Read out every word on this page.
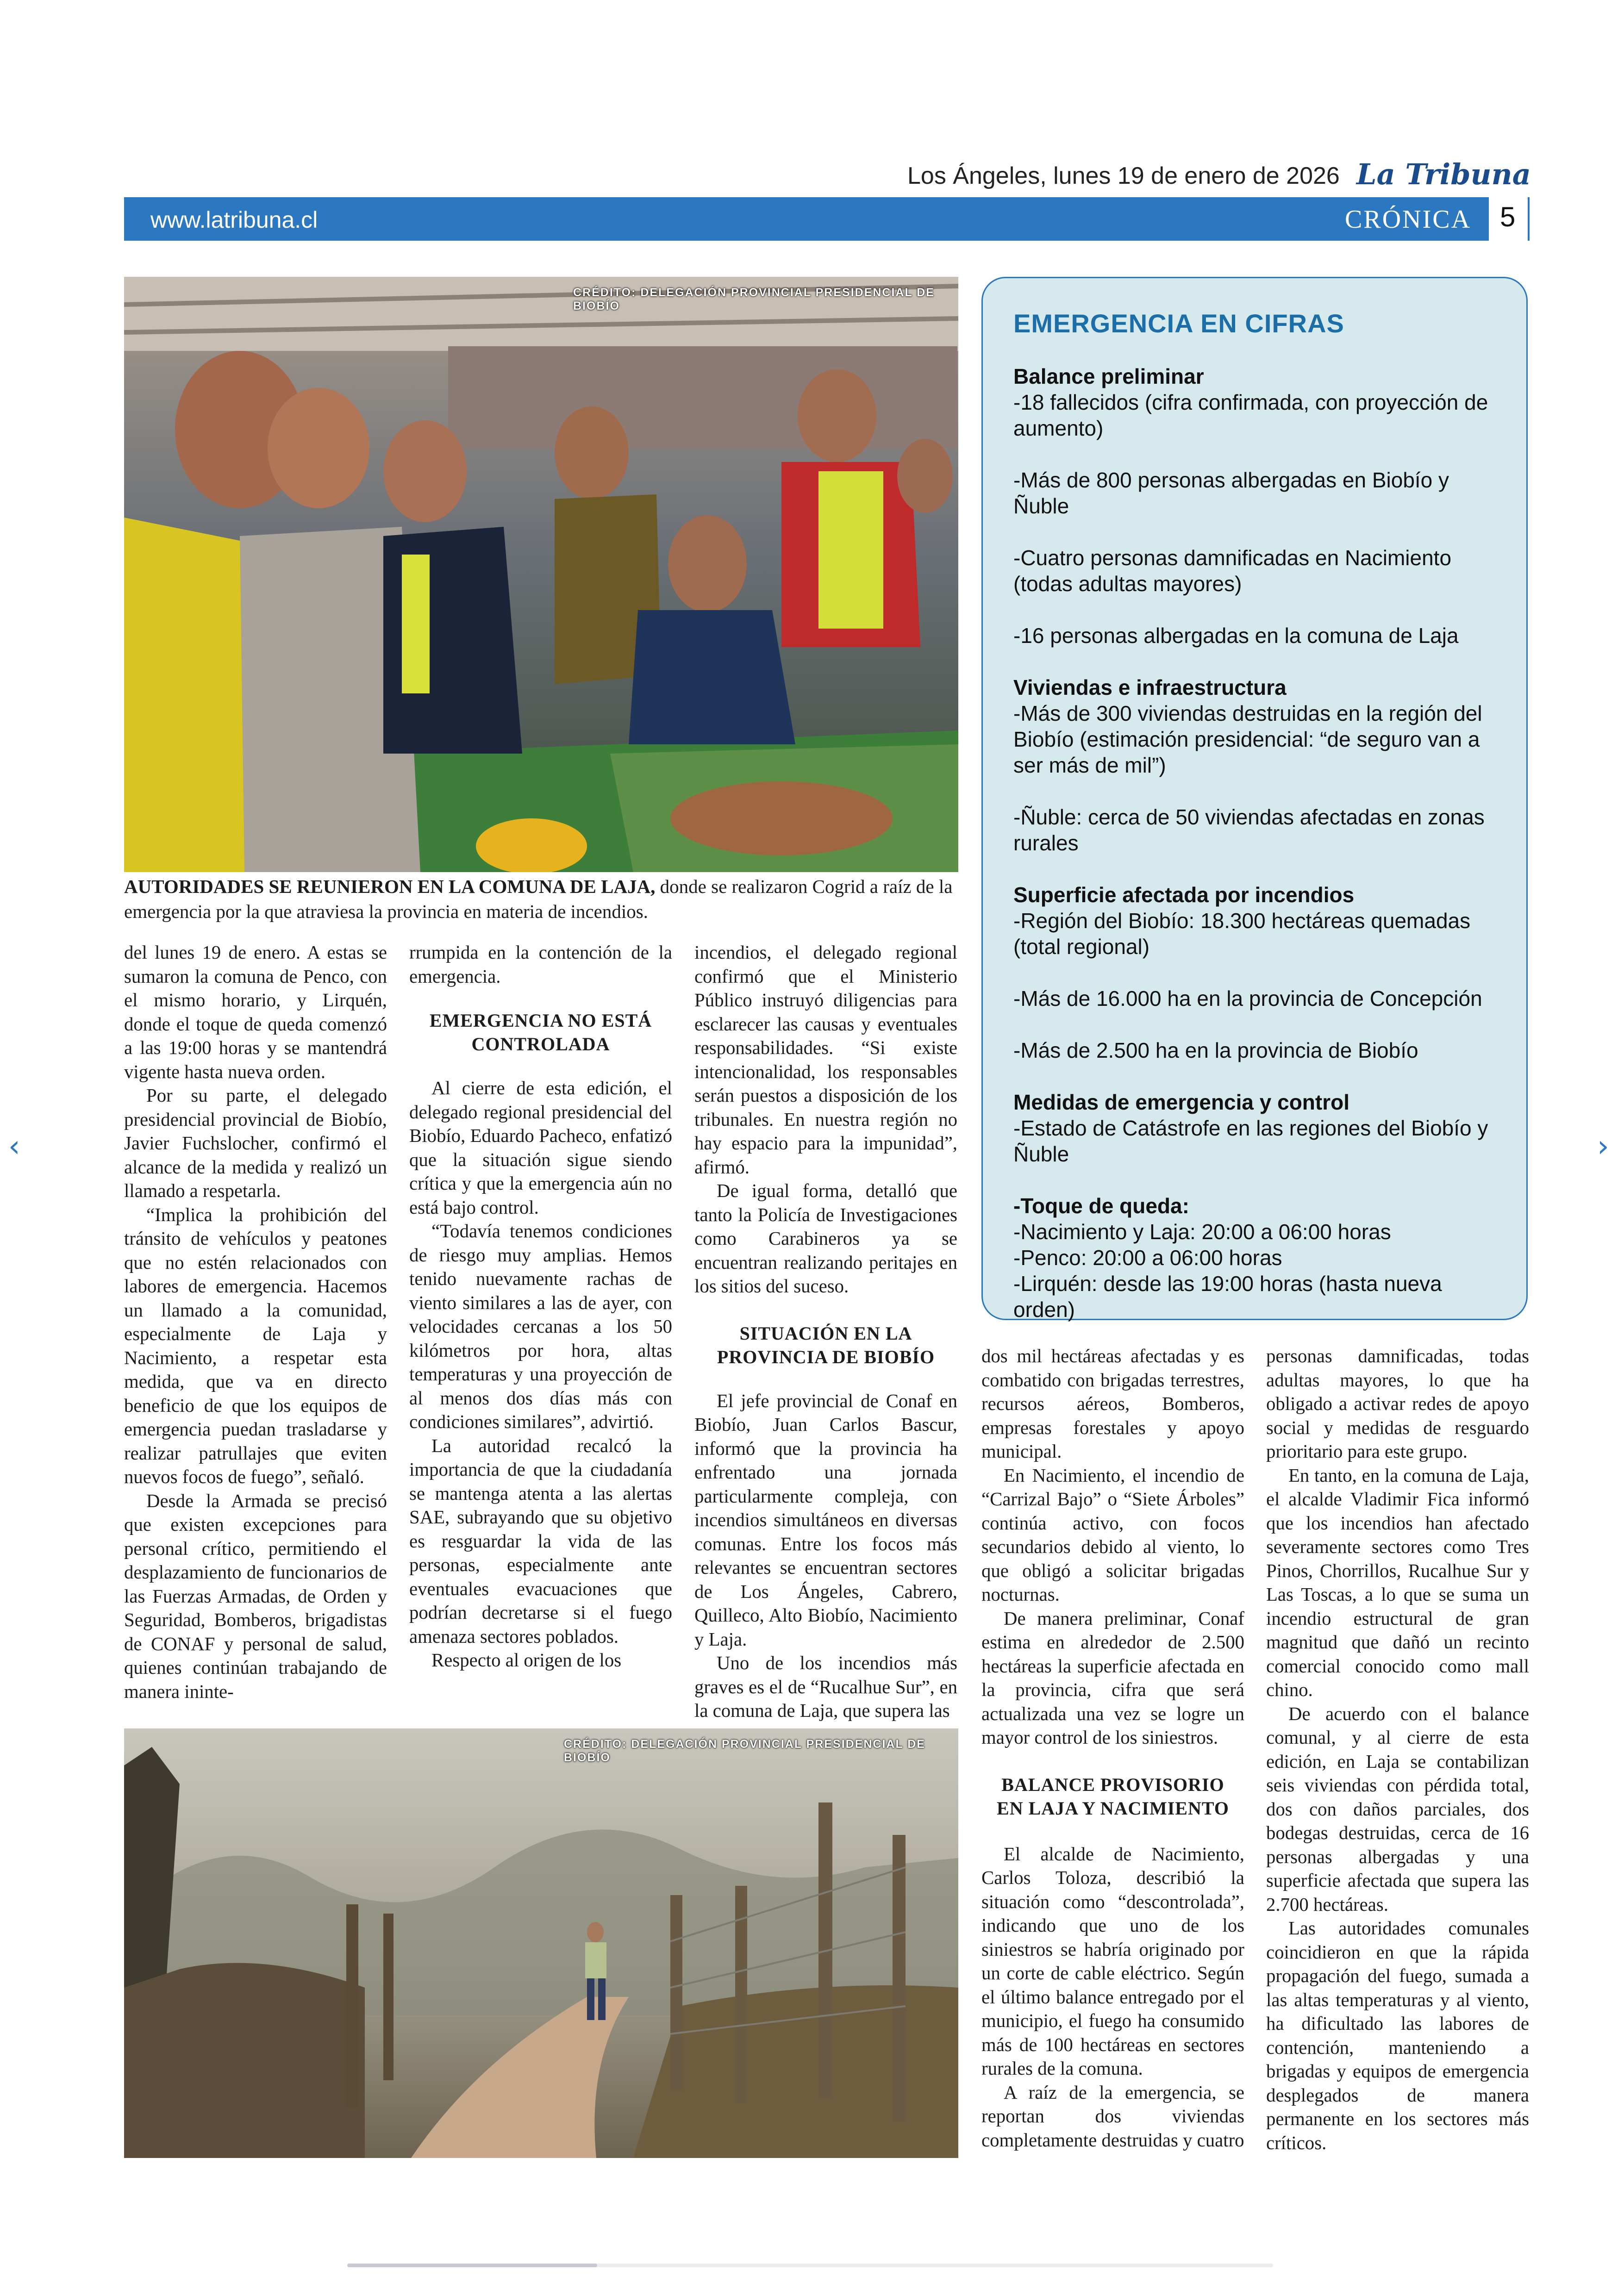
Los Ángeles, lunes 19 de enero de 2026 La Tribuna
www.latribuna.cl	CRÓNICA 5
CRÉDITO: DELEGACIÓN PROVINCIAL PRESIDENCIAL DE BIOBÍO
AUTORIDADES SE REUNIERON EN LA COMUNA DE LAJA, donde se realizaron Cogrid a raíz de la emergencia por la que atraviesa la provincia en materia de incendios.

del lunes 19 de enero. A estas se sumaron la comuna de Penco, con el mismo horario, y Lirquén, donde el toque de queda comenzó a las 19:00 horas y se mantendrá vigente hasta nueva orden.

Por su parte, el delegado presidencial provincial de Biobío, Javier Fuchslocher, confirmó el alcance de la medida y realizó un llamado a respetarla.

“Implica la prohibición del tránsito de vehículos y peatones que no estén relacionados con labores de emergencia. Hacemos un llamado a la comunidad, especialmente de Laja y Nacimiento, a respetar esta medida, que va en directo beneficio de que los equipos de emergencia puedan trasladarse y realizar patrullajes que eviten nuevos focos de fuego”, señaló.

Desde la Armada se precisó que existen excepciones para personal crítico, permitiendo el desplazamiento de funcionarios de las Fuerzas Armadas, de Orden y Seguridad, Bomberos, brigadistas de CONAF y personal de salud, quienes continúan trabajando de manera ininte-

rrumpida en la contención de la emergencia.

EMERGENCIA NO ESTÁ CONTROLADA

Al cierre de esta edición, el delegado regional presidencial del Biobío, Eduardo Pacheco, enfatizó que la situación sigue siendo crítica y que la emergencia aún no está bajo control.

“Todavía tenemos condiciones de riesgo muy amplias. Hemos tenido nuevamente rachas de viento similares a las de ayer, con velocidades cercanas a los 50 kilómetros por hora, altas temperaturas y una proyección de al menos dos días más con condiciones similares”, advirtió.

La autoridad recalcó la importancia de que la ciudadanía se mantenga atenta a las alertas SAE, subrayando que su objetivo es resguardar la vida de las personas, especialmente ante eventuales evacuaciones que podrían decretarse si el fuego amenaza sectores poblados.

Respecto al origen de los

incendios, el delegado regional confirmó que el Ministerio Público instruyó diligencias para esclarecer las causas y eventuales responsabilidades. “Si existe intencionalidad, los responsables serán puestos a disposición de los tribunales. En nuestra región no hay espacio para la impunidad”, afirmó.

De igual forma, detalló que tanto la Policía de Investigaciones como Carabineros ya se encuentran realizando peritajes en los sitios del suceso.

SITUACIÓN EN LA PROVINCIA DE BIOBÍO

El jefe provincial de Conaf en Biobío, Juan Carlos Bascur, informó que la provincia ha enfrentado una jornada particularmente compleja, con incendios simultáneos en diversas comunas. Entre los focos más relevantes se encuentran sectores de Los Ángeles, Cabrero, Quilleco, Alto Biobío, Nacimiento y Laja.

Uno de los incendios más graves es el de “Rucalhue Sur”, en la comuna de Laja, que supera las

EMERGENCIA EN CIFRAS

Balance preliminar

-18 fallecidos (cifra confirmada, con proyección de aumento)

-Más de 800 personas albergadas en Biobío y Ñuble

-Cuatro personas damnificadas en Nacimiento (todas adultas mayores)

-16 personas albergadas en la comuna de Laja

Viviendas e infraestructura

-Más de 300 viviendas destruidas en la región del Biobío (estimación presidencial: “de seguro van a ser más de mil”)

-Ñuble: cerca de 50 viviendas afectadas en zonas rurales

Superficie afectada por incendios

-Región del Biobío: 18.300 hectáreas quemadas (total regional)

-Más de 16.000 ha en la provincia de Concepción

-Más de 2.500 ha en la provincia de Biobío

Medidas de emergencia y control

-Estado de Catástrofe en las regiones del Biobío y Ñuble

-Toque de queda:

-Nacimiento y Laja: 20:00 a 06:00 horas

-Penco: 20:00 a 06:00 horas

-Lirquén: desde las 19:00 horas (hasta nueva orden)

CRÉDITO: DELEGACIÓN PROVINCIAL PRESIDENCIAL DE BIOBÍO

dos mil hectáreas afectadas y es combatido con brigadas terrestres, recursos aéreos, Bomberos, empresas forestales y apoyo municipal.

En Nacimiento, el incendio de “Carrizal Bajo” o “Siete Árboles” continúa activo, con focos secundarios debido al viento, lo que obligó a solicitar brigadas nocturnas.

De manera preliminar, Conaf estima en alrededor de 2.500 hectáreas la superficie afectada en la provincia, cifra que será actualizada una vez se logre un mayor control de los siniestros.

BALANCE PROVISORIO EN LAJA Y NACIMIENTO

El alcalde de Nacimiento, Carlos Toloza, describió la situación como “descontrolada”, indicando que uno de los siniestros se habría originado por un corte de cable eléctrico. Según el último balance entregado por el municipio, el fuego ha consumido más de 100 hectáreas en sectores rurales de la comuna.

A raíz de la emergencia, se reportan dos viviendas completamente destruidas y cuatro

personas damnificadas, todas adultas mayores, lo que ha obligado a activar redes de apoyo social y medidas de resguardo prioritario para este grupo.

En tanto, en la comuna de Laja, el alcalde Vladimir Fica informó que los incendios han afectado severamente sectores como Tres Pinos, Chorrillos, Rucalhue Sur y Las Toscas, a lo que se suma un incendio estructural de gran magnitud que dañó un recinto comercial conocido como mall chino.

De acuerdo con el balance comunal, y al cierre de esta edición, en Laja se contabilizan seis viviendas con pérdida total, dos con daños parciales, dos bodegas destruidas, cerca de 16 personas albergadas y una superficie afectada que supera las 2.700 hectáreas.

Las autoridades comunales coincidieron en que la rápida propagación del fuego, sumada a las altas temperaturas y al viento, ha dificultado las labores de contención, manteniendo a brigadas y equipos de emergencia desplegados de manera permanente en los sectores más críticos.

‹	›
